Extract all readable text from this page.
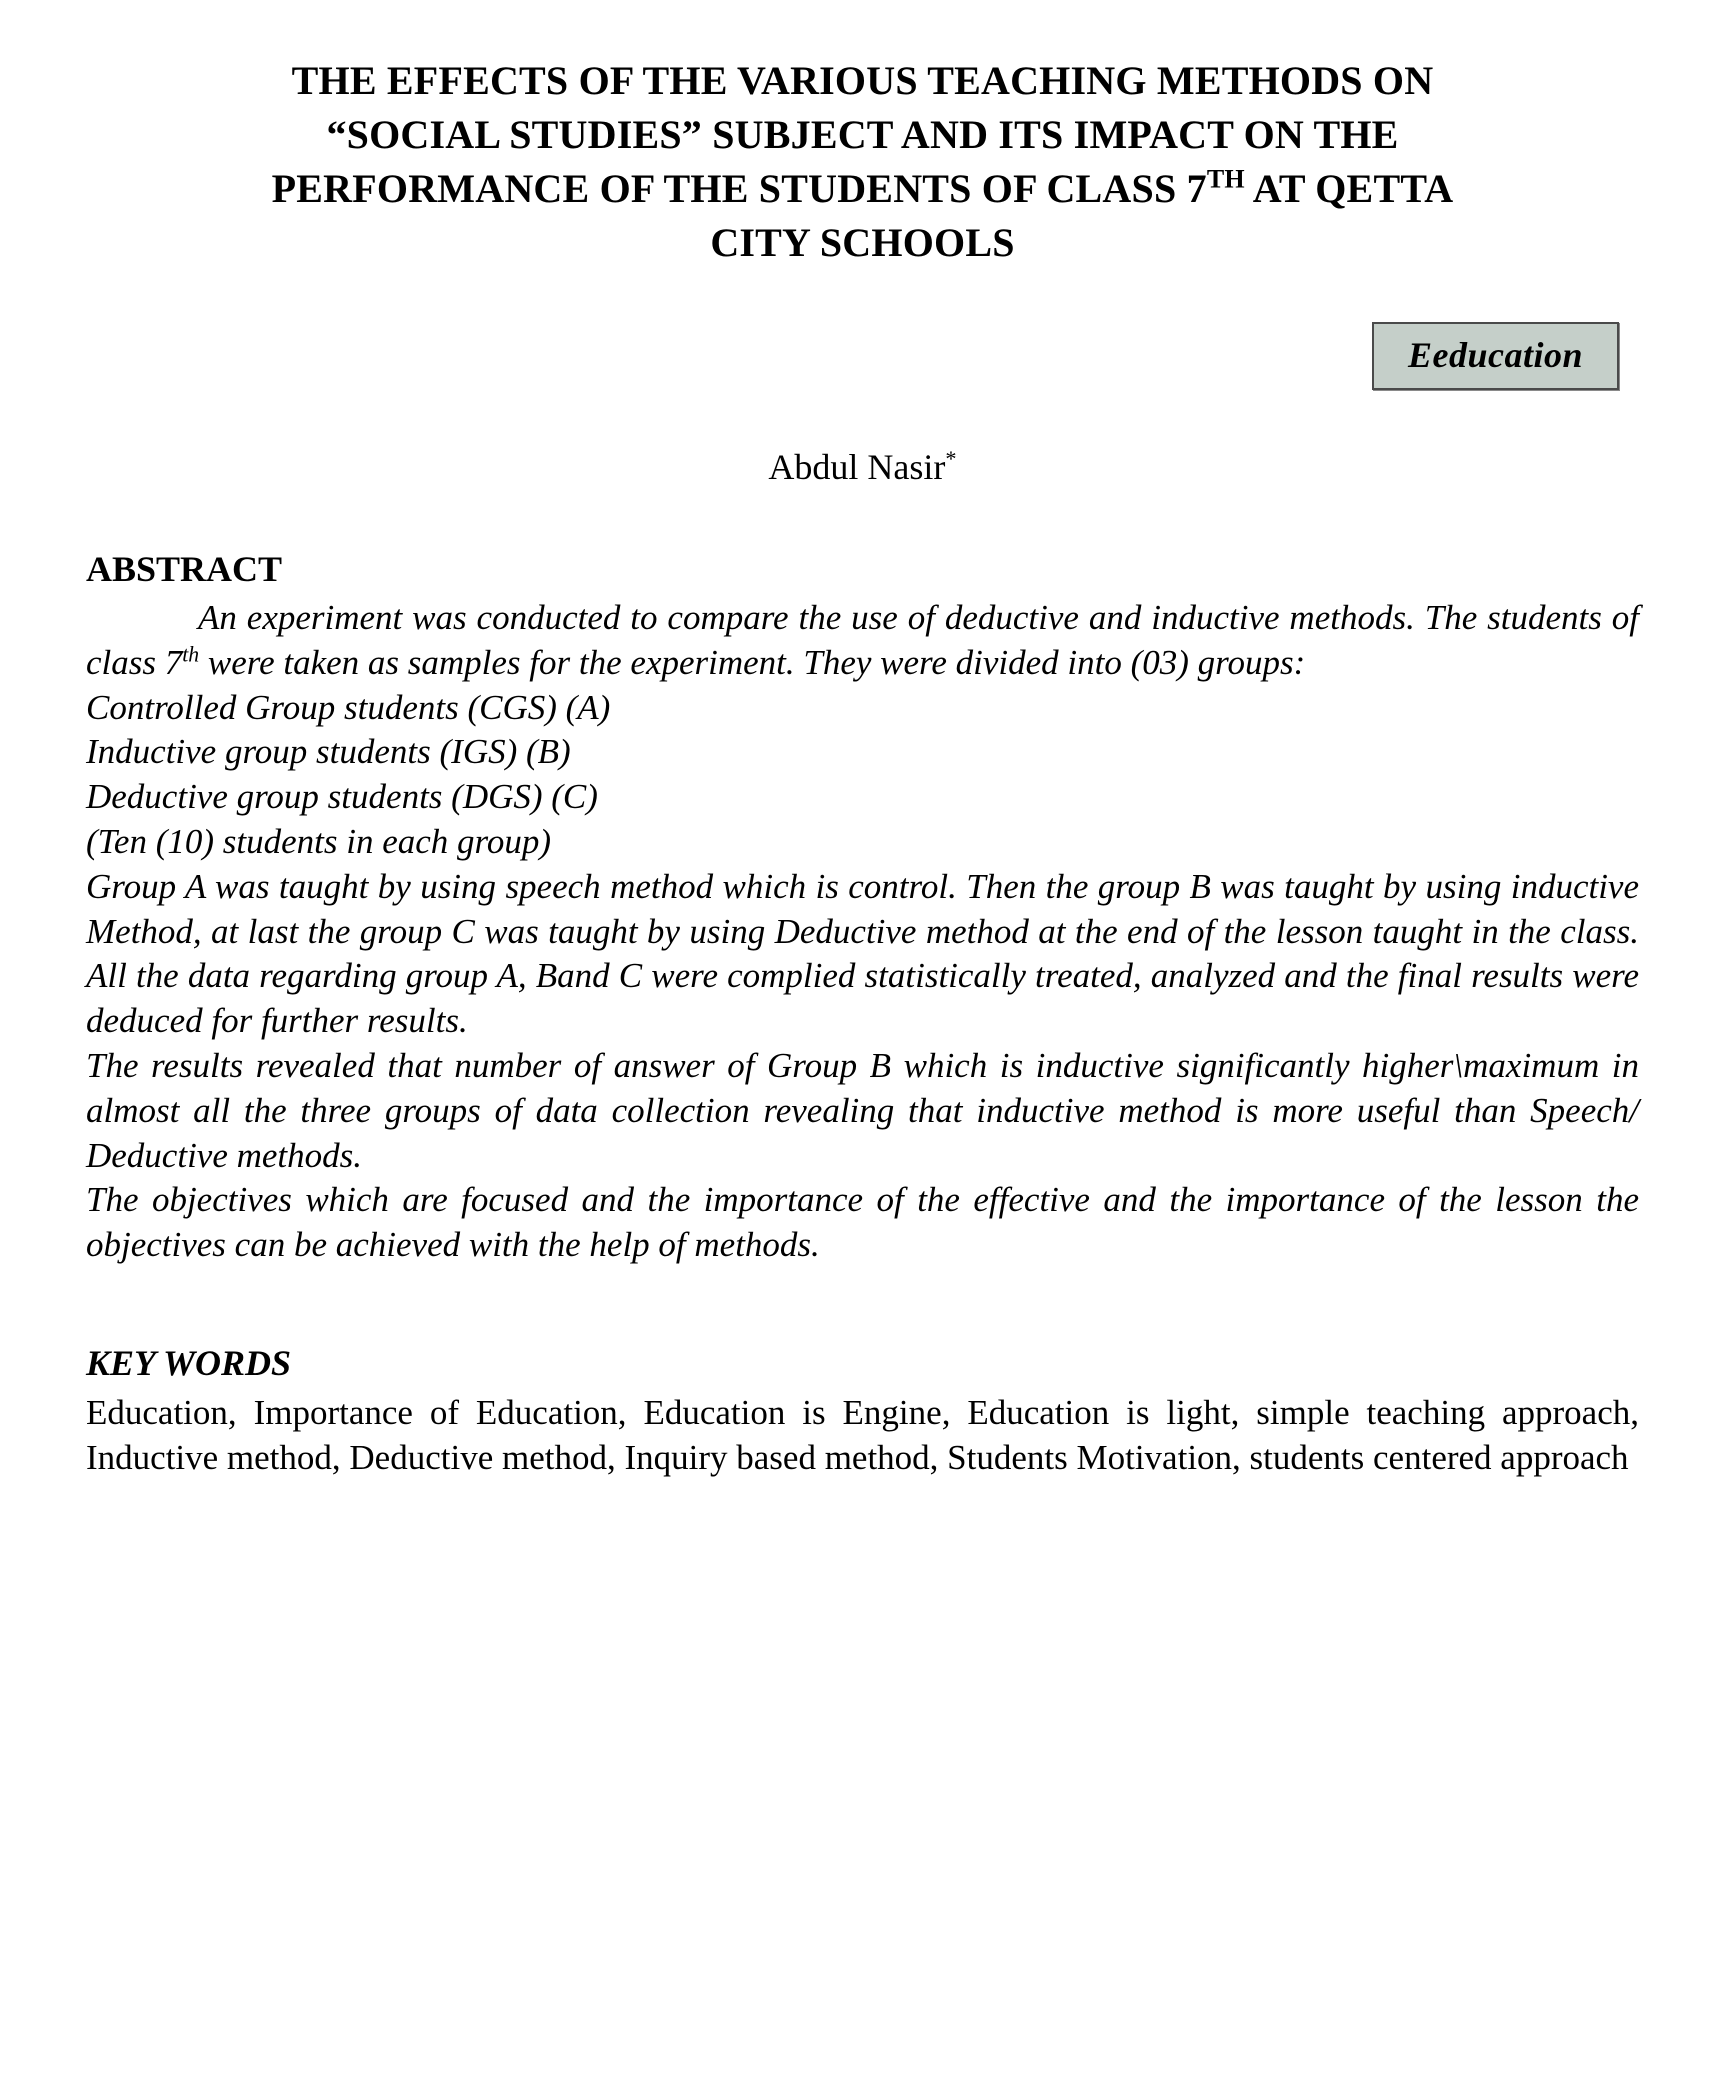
THE EFFECTS OF THE VARIOUS TEACHING METHODS ON
“SOCIAL STUDIES” SUBJECT AND ITS IMPACT ON THE
PERFORMANCE OF THE STUDENTS OF CLASS 7TH AT QETTA
CITY SCHOOLS
Eeducation
Abdul Nasir*
ABSTRACT

An experiment was conducted to compare the use of deductive and inductive methods. The students of class 7th were taken as samples for the experiment. They were divided into (03) groups:

Controlled Group students (CGS) (A)

Inductive group students (IGS) (B)

Deductive group students (DGS) (C)

(Ten (10) students in each group)

Group A was taught by using speech method which is control. Then the group B was taught by using inductive Method, at last the group C was taught by using Deductive method at the end of the lesson taught in the class. All the data regarding group A, Band C were complied statistically treated, analyzed and the final results were deduced for further results.

The results revealed that number of answer of Group B which is inductive significantly higher\maximum in almost all the three groups of data collection revealing that inductive method is more useful than Speech/ Deductive methods.

The objectives which are focused and the importance of the effective and the importance of the lesson the objectives can be achieved with the help of methods.

KEY WORDS

Education, Importance of Education, Education is Engine, Education is light, simple teaching approach, Inductive method, Deductive method, Inquiry based method, Students Motivation, students centered approach
